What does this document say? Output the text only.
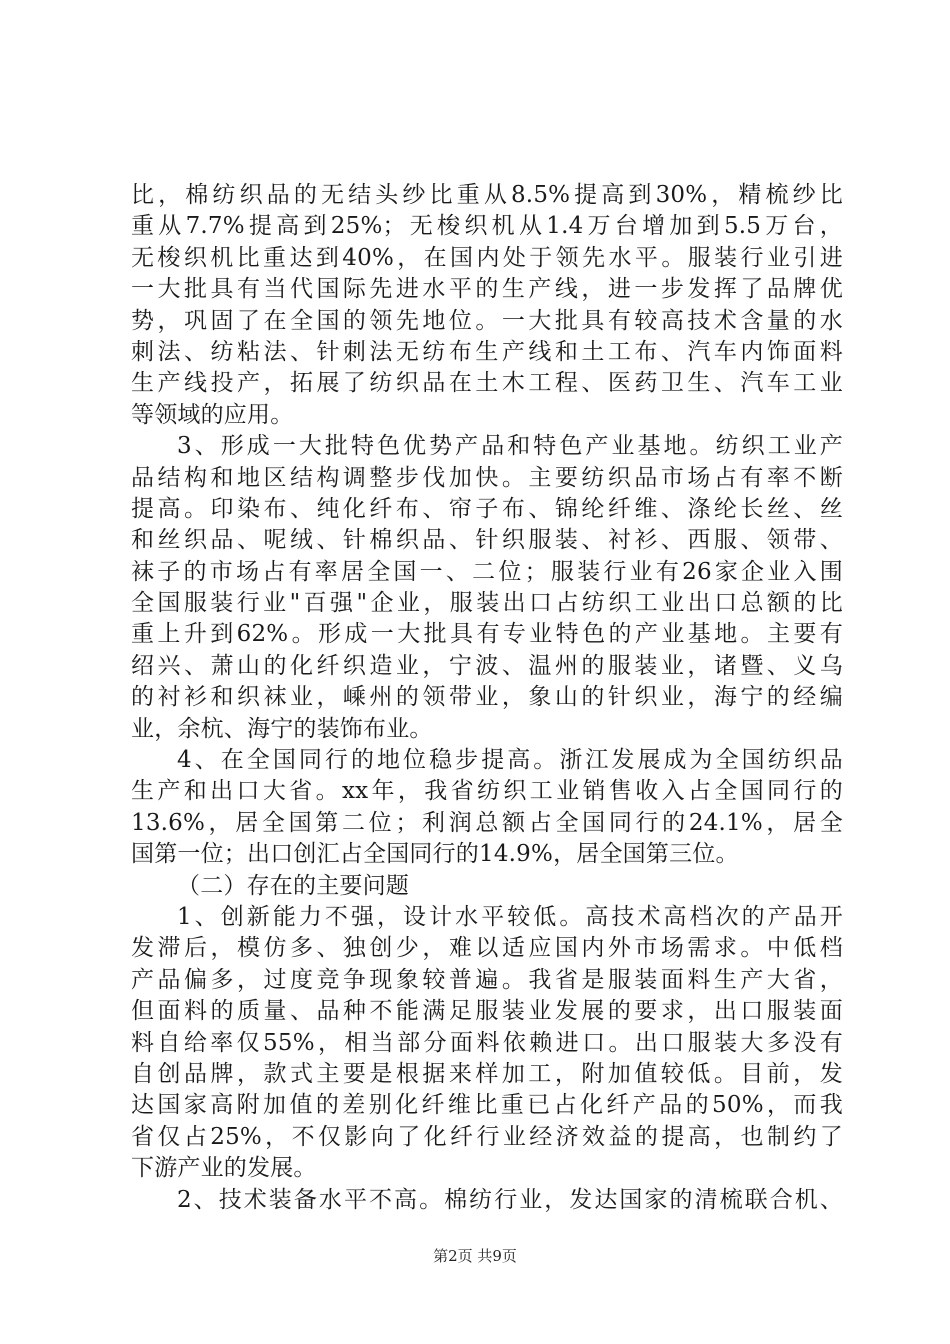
比，棉纺织品的无结头纱比重从8.5%提高到30%，精梳纱比
重从7.7%提高到25%；无梭织机从1.4万台增加到5.5万台，
无梭织机比重达到40%，在国内处于领先水平。服装行业引进
一大批具有当代国际先进水平的生产线，进一步发挥了品牌优
势，巩固了在全国的领先地位。一大批具有较高技术含量的水
刺法、纺粘法、针刺法无纺布生产线和土工布、汽车内饰面料
生产线投产，拓展了纺织品在土木工程、医药卫生、汽车工业
等领域的应用。
3、形成一大批特色优势产品和特色产业基地。纺织工业产
品结构和地区结构调整步伐加快。主要纺织品市场占有率不断
提高。印染布、纯化纤布、帘子布、锦纶纤维、涤纶长丝、丝
和丝织品、呢绒、针棉织品、针织服装、衬衫、西服、领带、
袜子的市场占有率居全国一、二位；服装行业有26家企业入围
全国服装行业"百强"企业，服装出口占纺织工业出口总额的比
重上升到62%。形成一大批具有专业特色的产业基地。主要有
绍兴、萧山的化纤织造业，宁波、温州的服装业，诸暨、义乌
的衬衫和织袜业，嵊州的领带业，象山的针织业，海宁的经编
业，余杭、海宁的装饰布业。
4、在全国同行的地位稳步提高。浙江发展成为全国纺织品
生产和出口大省。xx年，我省纺织工业销售收入占全国同行的
13.6%，居全国第二位；利润总额占全国同行的24.1%，居全
国第一位；出口创汇占全国同行的14.9%，居全国第三位。
（二）存在的主要问题
1、创新能力不强，设计水平较低。高技术高档次的产品开
发滞后，模仿多、独创少，难以适应国内外市场需求。中低档
产品偏多，过度竞争现象较普遍。我省是服装面料生产大省，
但面料的质量、品种不能满足服装业发展的要求，出口服装面
料自给率仅55%，相当部分面料依赖进口。出口服装大多没有
自创品牌，款式主要是根据来样加工，附加值较低。目前，发
达国家高附加值的差别化纤维比重已占化纤产品的50%，而我
省仅占25%，不仅影向了化纤行业经济效益的提高，也制约了
下游产业的发展。
2、技术装备水平不高。棉纺行业，发达国家的清梳联合机、
第2页 共9页
